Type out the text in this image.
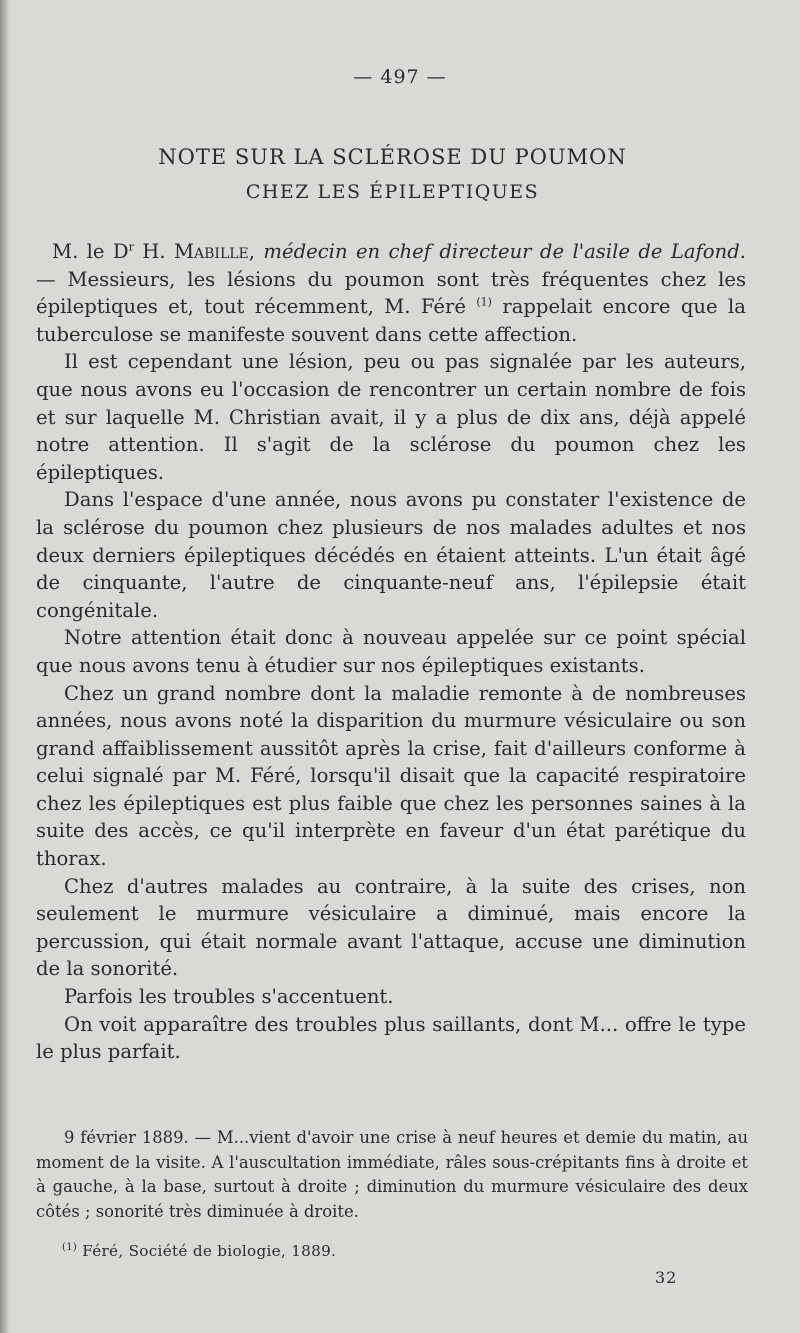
— 497 —
NOTE SUR LA SCLÉROSE DU POUMON
CHEZ LES ÉPILEPTIQUES

M. le $D^r$ H. Mabille, médecin en chef directeur de l'asile de Lafond. — Messieurs, les lésions du poumon sont très fréquentes chez les épileptiques et, tout récemment, M. Féré $^{(1)}$ rappelait encore que la tuberculose se manifeste souvent dans cette affection.

Il est cependant une lésion, peu ou pas signalée par les auteurs, que nous avons eu l'occasion de rencontrer un certain nombre de fois et sur laquelle M. Christian avait, il y a plus de dix ans, déjà appelé notre attention. Il s'agit de la sclérose du poumon chez les épileptiques.

Dans l'espace d'une année, nous avons pu constater l'existence de la sclérose du poumon chez plusieurs de nos malades adultes et nos deux derniers épileptiques décédés en étaient atteints. L'un était âgé de cinquante, l'autre de cinquante-neuf ans, l'épilepsie était congénitale.

Notre attention était donc à nouveau appelée sur ce point spécial que nous avons tenu à étudier sur nos épileptiques existants.

Chez un grand nombre dont la maladie remonte à de nombreuses années, nous avons noté la disparition du murmure vésiculaire ou son grand affaiblissement aussitôt après la crise, fait d'ailleurs conforme à celui signalé par M. Féré, lorsqu'il disait que la capacité respiratoire chez les épileptiques est plus faible que chez les personnes saines à la suite des accès, ce qu'il interprète en faveur d'un état parétique du thorax.

Chez d'autres malades au contraire, à la suite des crises, non seulement le murmure vésiculaire a diminué, mais encore la percussion, qui était normale avant l'attaque, accuse une diminution de la sonorité.

Parfois les troubles s'accentuent.

On voit apparaître des troubles plus saillants, dont M... offre le type le plus parfait.

9 février 1889. — M...vient d'avoir une crise à neuf heures et demie du matin, au moment de la visite. A l'auscultation immédiate, râles sous-crépitants fins à droite et à gauche, à la base, surtout à droite ; diminution du murmure vésiculaire des deux côtés ; sonorité très diminuée à droite.
$^{(1)}$ Féré, Société de biologie, 1889.
32
